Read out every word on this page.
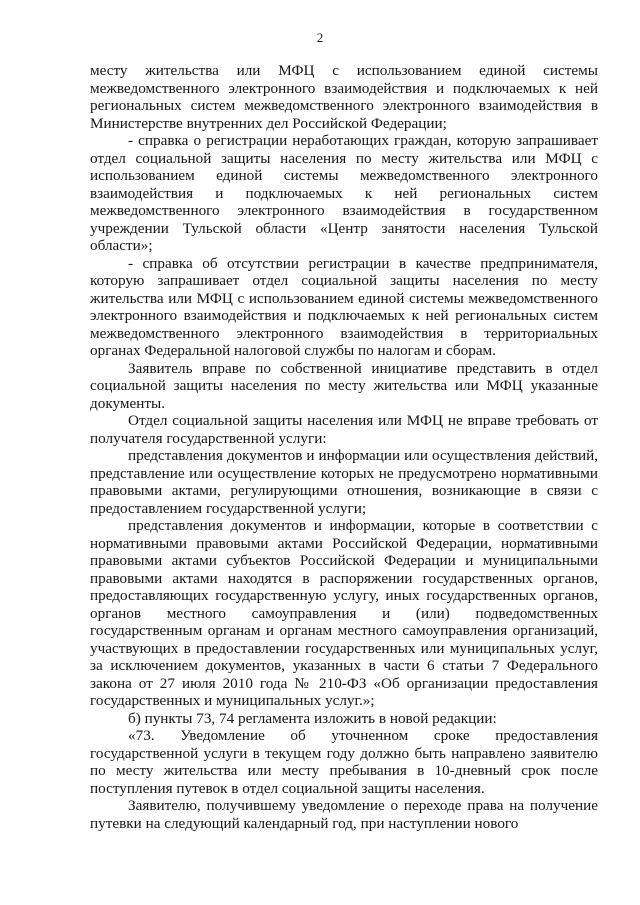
2

месту жительства или МФЦ с использованием единой системы межведомственного электронного взаимодействия и подключаемых к ней региональных систем межведомственного электронного взаимодействия в Министерстве внутренних дел Российской Федерации;

- справка о регистрации неработающих граждан, которую запрашивает отдел социальной защиты населения по месту жительства или МФЦ с использованием единой системы межведомственного электронного взаимодействия и подключаемых к ней региональных систем межведомственного электронного взаимодействия в государственном учреждении Тульской области «Центр занятости населения Тульской области»;

- справка об отсутствии регистрации в качестве предпринимателя, которую запрашивает отдел социальной защиты населения по месту жительства или МФЦ с использованием единой системы межведомственного электронного взаимодействия и подключаемых к ней региональных систем межведомственного электронного взаимодействия в территориальных органах Федеральной налоговой службы по налогам и сборам.

Заявитель вправе по собственной инициативе представить в отдел социальной защиты населения по месту жительства или МФЦ указанные документы.

Отдел социальной защиты населения или МФЦ не вправе требовать от получателя государственной услуги:

представления документов и информации или осуществления действий, представление или осуществление которых не предусмотрено нормативными правовыми актами, регулирующими отношения, возникающие в связи с предоставлением государственной услуги;

представления документов и информации, которые в соответствии с нормативными правовыми актами Российской Федерации, нормативными правовыми актами субъектов Российской Федерации и муниципальными правовыми актами находятся в распоряжении государственных органов, предоставляющих государственную услугу, иных государственных органов, органов местного самоуправления и (или) подведомственных государственным органам и органам местного самоуправления организаций, участвующих в предоставлении государственных или муниципальных услуг, за исключением документов, указанных в части 6 статьи 7 Федерального закона от 27 июля 2010 года № 210-ФЗ «Об организации предоставления государственных и муниципальных услуг.»;

б) пункты 73, 74 регламента изложить в новой редакции:

«73. Уведомление об уточненном сроке предоставления государственной услуги в текущем году должно быть направлено заявителю по месту жительства или месту пребывания в 10-дневный срок после поступления путевок в отдел социальной защиты населения.

Заявителю, получившему уведомление о переходе права на получение путевки на следующий календарный год, при наступлении нового
